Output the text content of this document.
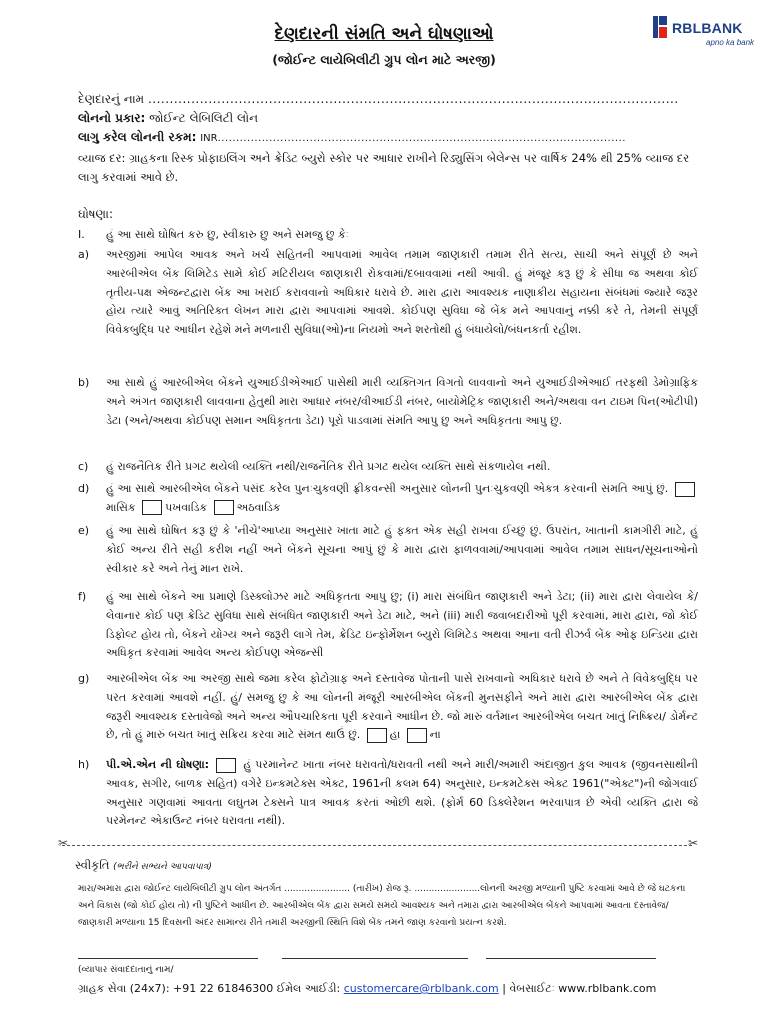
RBLBANK
apno ka bank
દેણદારની સંમતિ અને ઘોષણાઓ
(જોઈન્ટ લાયેબિલીટી ગ્રુપ લોન માટે અરજી)
દેણદારનું નામ ...........................................................................................................................
લોનનો પ્રકાર: જોઈન્ટ લેબિલિટી લોન
લાગુ કરેલ લોનની રકમ: INR...............................................................................................................
વ્યાજ દર: ગ્રાહકના રિસ્ક પ્રોફાઇલિંગ અને ક્રેડિટ બ્યુરો સ્કોર પર આધાર રાખીને રિડ્યુસિંગ બેલેન્સ પર વાર્ષિક 24% થી 25% વ્યાજ દર લાગુ કરવામાં આવે છે.
ઘોષણા:
I.	હું આ સાથે ઘોષિત કરુ છુ, સ્વીકારુ છુ અને સમજુ છુ કેઃ
a)	અરજીમાં આપેલ આવક અને ખર્ચ સહિતની આપવામાં આવેલ તમામ જાણકારી તમામ રીતે સત્ય, સાચી અને સંપૂર્ણ છે અને આરબીએલ બેંક લિમિટેડ સામે કોઈ મટિરીયલ જાણકારી રોકવામાં/દબાવવામાં નથી આવી. હું મંજૂર કરૂ છું કે સીધા જ અથવા કોઈ તૃતીય-પક્ષ એજન્ટદ્વારા બેંક આ ખરાઈ કરાવવાનો અધિકાર ધરાવે છે. મારા દ્વારા આવશ્યક નાણાકીય સહાયના સંબંધમાં જ્યારે જરૂર હોય ત્યારે આવું અતિરિક્ત લેખન મારા દ્વારા આપવામાં આવશે. કોઈપણ સુવિધા જે બેંક મને આપવાનું નક્કી કરે તે, તેમની સંપૂર્ણ વિવેકબુદ્ધિ પર આધીન રહેશે મને મળનારી સુવિધા(ઓ)ના નિયમો અને શરતોથી હું બંધાયેલો/બંધનકર્તા રહીશ.
b)	આ સાથે હું આરબીએલ બેંકને યુઆઈડીએઆઈ પાસેથી મારી વ્યક્તિગત વિગતો લાવવાનો અને યુઆઈડીએઆઈ તરફથી ડેમોગ્રાફિક અને અંગત જાણકારી લાવવાના હેતુથી મારા આધાર નંબર/વીઆઈડી નંબર, બાયોમેટ્રિક જાણકારી અને/અથવા વન ટાઇમ પિન(ઓટીપી) ડેટા (અને/અથવા કોઈપણ સમાન અધિકૃતતા ડેટા) પૂરો પાડવામાં સંમતિ આપુ છુ અને અધિકૃતતા આપુ છુ.
c)	હું રાજનૈતિક રીતે પ્રગટ થયેલી વ્યક્તિ નથી/રાજનૈતિક રીતે પ્રગટ થયેલ વ્યક્તિ સાથે સંકળાયેલ નથી.
d)	હું આ સાથે આરબીએલ બેંકને પસંદ કરેલ પુનઃચુકવણી ફ્રીકવન્સી અનુસાર લોનની પુનઃચુકવણી એકત્ર કરવાની સંમતિ આપું છું. માસિક	પખવાડિક	અઠવાડિક
e)	હું આ સાથે ઘોષિત કરૂ છું કે 'નીચે'આપ્યા અનુસાર ખાતા માટે હું ફક્ત એક સહી રાખવા ઈચ્છું છું. ઉપરાંત, ખાતાની કામગીરી માટે, હું કોઈ અન્ય રીતે સહી કરીશ નહીં અને બેંકને સૂચના આપું છું કે મારા દ્વારા ફાળવવામાં/આપવામાં આવેલ તમામ સાધન/સૂચનાઓનો સ્વીકાર કરે અને તેનું માન રાખે.
f)	હું આ સાથે બેંકને આ પ્રમાણે ડિસ્ક્લોઝર માટે અધિકૃતતા આપુ છુ; (i) મારા સંબંધિત જાણકારી અને ડેટા; (ii) મારા દ્વારા લેવાયેલ કે/લેવાનાર કોઈ પણ ક્રેડિટ સુવિધા સાથે સંબંધિત જાણકારી અને ડેટા માટે, અને (iii) મારી જવાબદારીઓ પૂરી કરવામાં, મારા દ્વારા, જો કોઈ ડિફોલ્ટ હોય તો, બેંકને યોગ્ય અને જરૂરી લાગે તેમ, ક્રેડિટ ઇન્ફોર્મેશન બ્યુરો લિમિટેડ અથવા આના વતી રીઝર્વ બેંક ઓફ ઇન્ડિયા દ્વારા અધિકૃત કરવામાં આવેલ અન્ય કોઈપણ એજન્સી
g)	આરબીએલ બેંક આ અરજી સાથે જમા કરેલ ફોટોગ્રાફ અને દસ્તાવેજ પોતાની પાસે રાખવાનો અધિકાર ધરાવે છે અને તે વિવેકબુદ્ધિ પર પરત કરવામાં આવશે નહીં. હું/ સમજુ છુ કે આ લોનની મંજૂરી આરબીએલ બેંકની મુનસફીને અને મારા દ્વારા આરબીએલ બેંક દ્વારા જરૂરી આવશ્યક દસ્તાવેજો અને અન્ય ઔપચારિકતા પૂરી કરવાને આધીન છે. જો મારું વર્તમાન આરબીએલ બચત ખાતું નિષ્ક્રિય/ ડોર્મન્ટ છે, તો હું મારું બચત ખાતું સક્રિય કરવા માટે સંમત થાઉં છું.	હા	ના
h)	પી.એ.એન ની ઘોષણા:	હું પરમાનેન્ટ ખાતા નંબર ધરાવતો/ધરાવતી નથી અને મારી/અમારી અંદાજીત કુલ આવક (જીવનસાથીની આવક, સગીર, બાળક સહિત) વગેરે ઇન્કમટેક્સ એક્ટ, 1961ની કલમ 64) અનુસાર, ઇન્કમટેક્સ એક્ટ 1961("એક્ટ")ની જોગવાઈ અનુસાર ગણવામાં આવતા લઘુતમ ટેક્સને પાત્ર આવક કરતાં ઓછી થશે. (ફોર્મ 60 ડિક્લેરેશન ભરવાપાત્ર છે એવી વ્યક્તિ દ્વારા જે પરમેનન્ટ એકાઉન્ટ નંબર ધરાવતા નથી).
✂	✂
સ્વીકૃતિ (ભરીને સભ્યને આપવાપાત્ર)
મારા/અમારા દ્વારા જોઈન્ટ લાયેબિલીટી ગ્રુપ લોન અંતર્ગત ....................... (તારીખ) રોજ રૂ. .......................લોનની અરજી મળ્યાની પુષ્ટિ કરવામાં આવે છે જે ઘટકના અને વિકાસ (જો કોઈ હોય તો) ની પુષ્ટિને આધીન છે. આરબીએલ બેંક દ્વારા સમયે સમયે આવશ્યક અને તમારા દ્વારા આરબીએલ બેંકને આપવામાં આવતા દસ્તાવેજ/જાણકારી મળ્યાના 15 દિવસની અંદર સામાન્ય રીતે તમારી અરજીની સ્થિતિ વિશે બેંક તમને જાણ કરવાનો પ્રયત્ન કરશે.
(વ્યાપાર સંવાદદાતાનું નામ/
ગ્રાહક સેવા (24x7): +91 22 61846300 ઈમેલ આઈડી: customercare@rblbank.com | વેબસાઈટઃ www.rblbank.com
